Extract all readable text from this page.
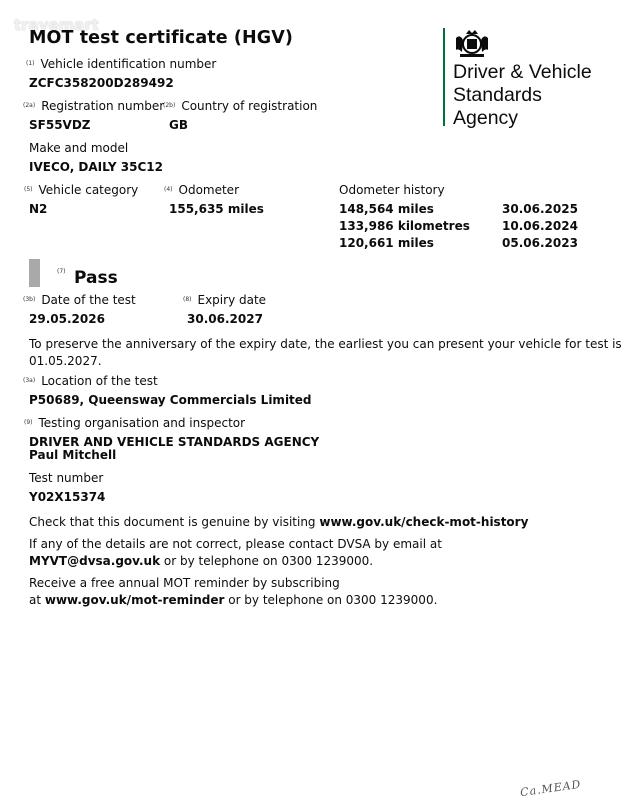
travemart
MOT test certificate (HGV)
Driver & Vehicle
Standards
Agency
$^{(1)}$ Vehicle identification number
ZCFC358200D289492
$^{(2a)}$ Registration number
SF55VDZ
$^{(2b)}$ Country of registration
GB
Make and model
IVECO, DAILY 35C12
$^{(5)}$ Vehicle category
N2
$^{(4)}$ Odometer
155,635 miles
Odometer history
148,564 miles	30.06.2025
133,986 kilometres	10.06.2024
120,661 miles	05.06.2023
(7) Pass
$^{(3b)}$ Date of the test
29.05.2026
$^{(8)}$ Expiry date
30.06.2027
To preserve the anniversary of the expiry date, the earliest you can present your vehicle for test is
01.05.2027.
$^{(3a)}$ Location of the test
P50689, Queensway Commercials Limited
$^{(9)}$ Testing organisation and inspector
DRIVER AND VEHICLE STANDARDS AGENCY
Paul Mitchell
Test number
Y02X15374
Check that this document is genuine by visiting www.gov.uk/check-mot-history
If any of the details are not correct, please contact DVSA by email at
MYVT@dvsa.gov.uk or by telephone on 0300 1239000.
Receive a free annual MOT reminder by subscribing
at www.gov.uk/mot-reminder or by telephone on 0300 1239000.
Ca.MEAD
